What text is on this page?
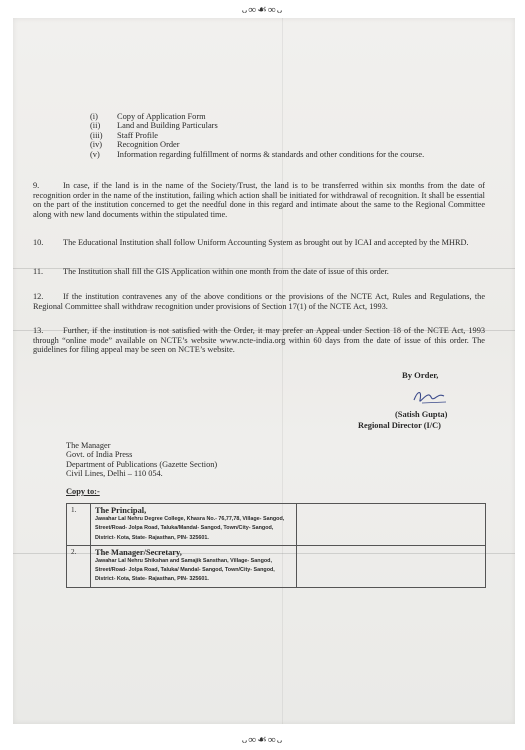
ᴗ∞☙∞ᴗ
(i)	Copy of Application Form
(ii)	Land and Building Particulars
(iii)	Staff Profile
(iv)	Recognition Order
(v)	Information regarding fulfillment of norms & standards and other conditions for the course.
9.	In case, if the land is in the name of the Society/Trust, the land is to be transferred within six months from the date of recognition order in the name of the institution, failing which action shall be initiated for withdrawal of recognition. It shall be essential on the part of the institution concerned to get the needful done in this regard and intimate about the same to the Regional Committee along with new land documents within the stipulated time.
10. The Educational Institution shall follow Uniform Accounting System as brought out by ICAI and accepted by the MHRD.
11. The Institution shall fill the GIS Application within one month from the date of issue of this order.
12. If the institution contravenes any of the above conditions or the provisions of the NCTE Act, Rules and Regulations, the Regional Committee shall withdraw recognition under provisions of Section 17(1) of the NCTE Act, 1993.
13. Further, if the institution is not satisfied with the Order, it may prefer an Appeal under Section 18 of the NCTE Act, 1993 through “online mode” available on NCTE’s website www.ncte-india.org within 60 days from the date of issue of this order. The guidelines for filing appeal may be seen on NCTE’s website.
By Order,
(Satish Gupta)
Regional Director (I/C)
The Manager
Govt. of India Press
Department of Publications (Gazette Section)
Civil Lines, Delhi – 110 054.
Copy to:-
1.	The Principal,
Jawahar Lal Nehru Degree College, Khasra No.- 76,77,78, Village- Sangod, Street/Road- Jolpa Road, Taluka/Mandal- Sangod, Town/City- Sangod, District- Kota, State- Rajasthan, PIN- 325601.	

2.	The Manager/Secretary,
Jawahar Lal Nehru Shikshan and Samajik Sansthan, Village- Sangod, Street/Road- Jolpa Road, Taluka/ Mandal- Sangod, Town/City- Sangod, District- Kota, State- Rajasthan, PIN- 325601.	

ᴗ∞☙∞ᴗ
